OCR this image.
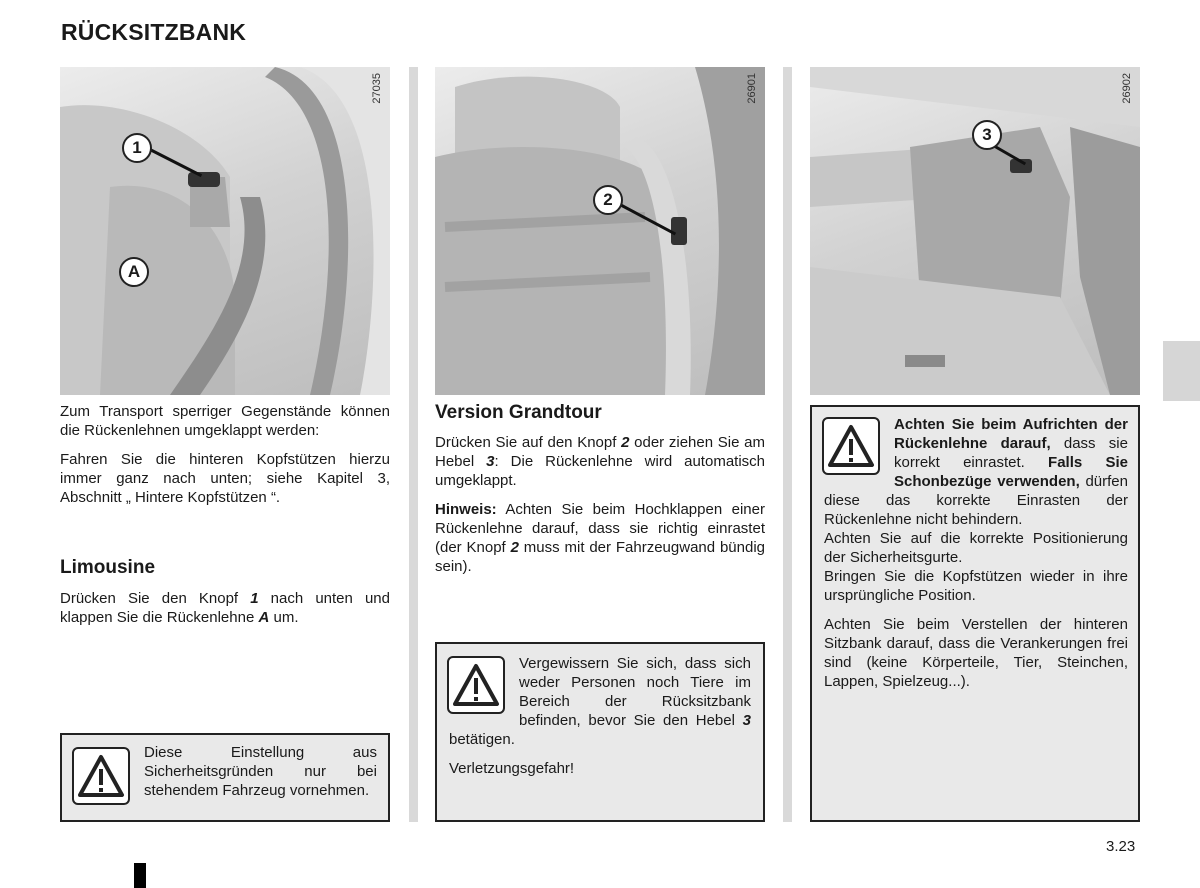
RÜCKSITZBANK
27035
1
A
26901
2
26902
3

Zum Transport sperriger Gegenstände können die Rückenlehnen umgeklappt werden:

Fahren Sie die hinteren Kopfstützen hierzu immer ganz nach unten; siehe Kapitel 3, Abschnitt „ Hintere Kopfstützen “.

Limousine
Drücken Sie den Knopf 1 nach unten und klappen Sie die Rückenlehne A um.
Diese Einstellung aus Sicherheitsgründen nur bei stehendem Fahrzeug vornehmen.
Version Grandtour

Drücken Sie auf den Knopf 2 oder ziehen Sie am Hebel 3: Die Rückenlehne wird automatisch umgeklappt.

Hinweis: Achten Sie beim Hochklappen einer Rückenlehne darauf, dass sie richtig einrastet (der Knopf 2 muss mit der Fahrzeugwand bündig sein).

Vergewissern Sie sich, dass sich weder Personen noch Tiere im Bereich der Rücksitzbank befinden, bevor Sie den Hebel 3 betätigen.
Verletzungsgefahr!
Achten Sie beim Aufrichten der Rückenlehne darauf, dass sie korrekt einrastet. Falls Sie Schonbezüge verwenden, dürfen diese das korrekte Einrasten der Rückenlehne nicht behindern.
Achten Sie auf die korrekte Positionierung der Sicherheitsgurte.
Bringen Sie die Kopfstützen wieder in ihre ursprüngliche Position.
Achten Sie beim Verstellen der hinteren Sitzbank darauf, dass die Verankerungen frei sind (keine Körperteile, Tier, Steinchen, Lappen, Spielzeug...).
3.23
